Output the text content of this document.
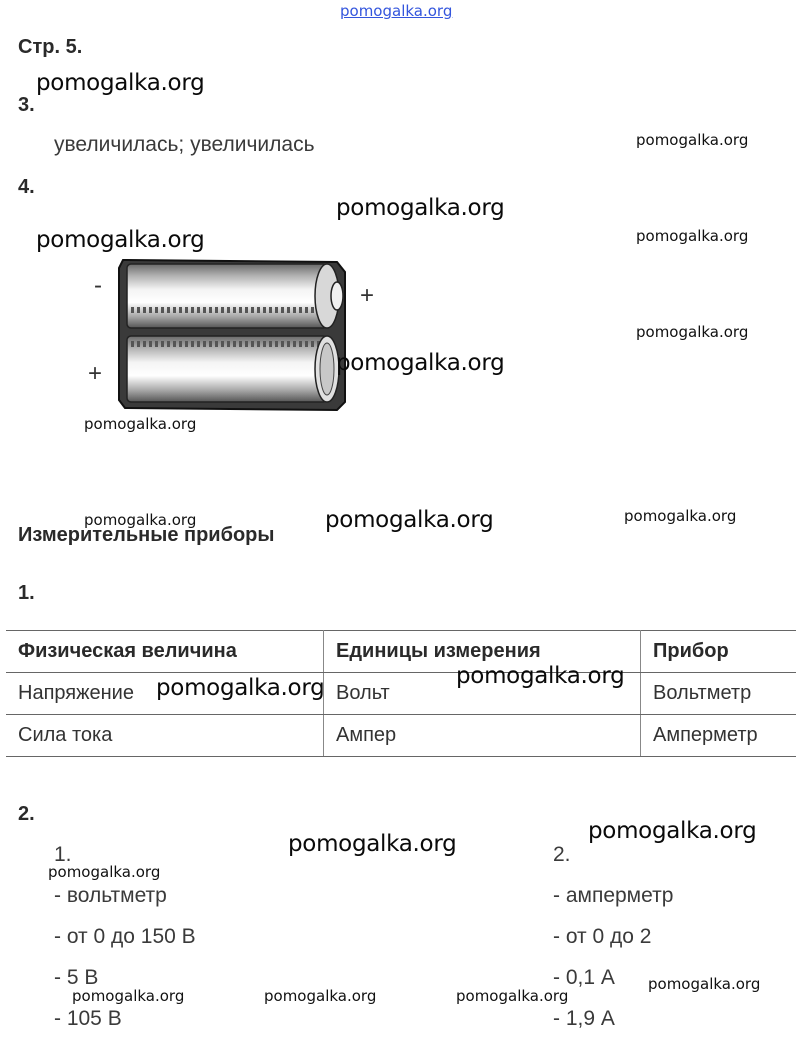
pomogalka.org
Стр. 5.
3.
увеличилась; увеличилась
4.
-	+
+
Измерительные приборы
1.
Физическая величина	Единицы измерения	Прибор
Напряжение	Вольт	Вольтметр
Сила тока	Ампер	Амперметр
2.
1.
- вольтметр
- от 0 до 150 В
- 5 В
- 105 В
2.
- амперметр
- от 0 до 2
- 0,1 А
- 1,9 А
pomogalka.org
pomogalka.org
pomogalka.org
pomogalka.org
pomogalka.org
pomogalka.org	pomogalka.org
pomogalka.org	pomogalka.org
pomogalka.org
pomogalka.org
pomogalka.org
pomogalka.org
pomogalka.org	pomogalka.org
pomogalka.org
pomogalka.org	pomogalka.org	pomogalka.org
pomogalka.org
